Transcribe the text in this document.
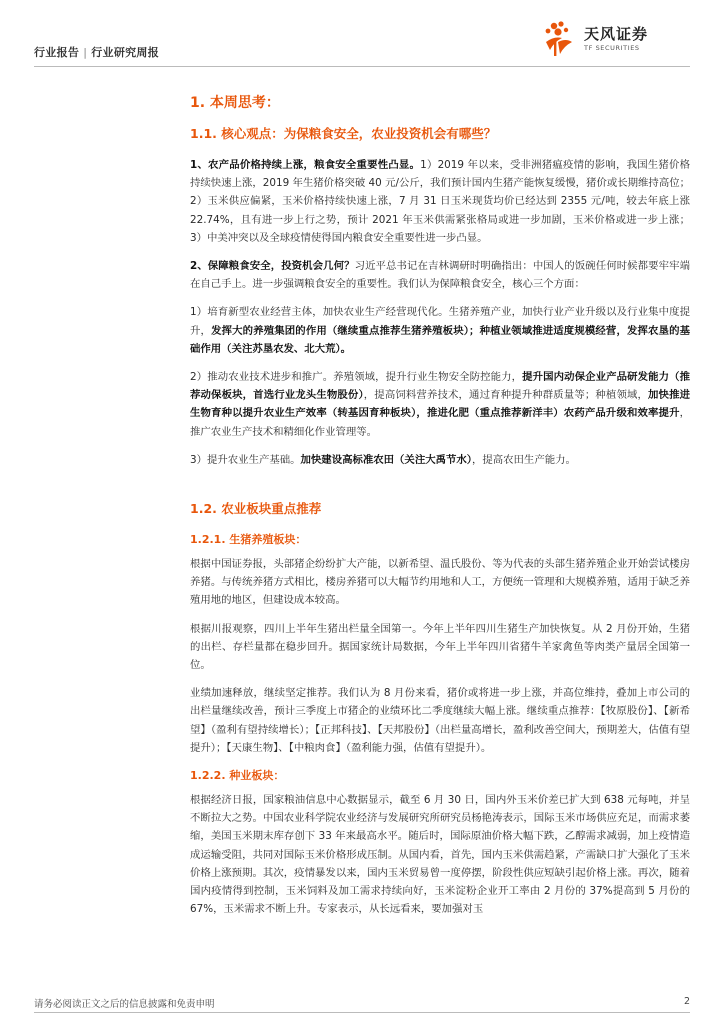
行业报告 | 行业研究周报
天风证券
TF SECURITIES
1. 本周思考：
1.1. 核心观点：为保粮食安全，农业投资机会有哪些？
1、农产品价格持续上涨，粮食安全重要性凸显。1）2019 年以来，受非洲猪瘟疫情的影响，我国生猪价格持续快速上涨，2019 年生猪价格突破 40 元/公斤，我们预计国内生猪产能恢复缓慢，猪价或长期维持高位；2）玉米供应偏紧，玉米价格持续快速上涨，7 月 31 日玉米现货均价已经达到 2355 元/吨，较去年底上涨 22.74%，且有进一步上行之势，预计 2021 年玉米供需紧张格局或进一步加剧，玉米价格或进一步上涨；3）中美冲突以及全球疫情使得国内粮食安全重要性进一步凸显。
2、保障粮食安全，投资机会几何？习近平总书记在吉林调研时明确指出：中国人的饭碗任何时候都要牢牢端在自己手上。进一步强调粮食安全的重要性。我们认为保障粮食安全，核心三个方面：
1）培育新型农业经营主体，加快农业生产经营现代化。生猪养殖产业，加快行业产业升级以及行业集中度提升，发挥大的养殖集团的作用（继续重点推荐生猪养殖板块）；种植业领域推进适度规模经营，发挥农垦的基础作用（关注苏垦农发、北大荒）。
2）推动农业技术进步和推广。养殖领域，提升行业生物安全防控能力，提升国内动保企业产品研发能力（推荐动保板块，首选行业龙头生物股份），提高饲料营养技术，通过育种提升种群质量等；种植领域，加快推进生物育种以提升农业生产效率（转基因育种板块），推进化肥（重点推荐新洋丰）农药产品升级和效率提升，推广农业生产技术和精细化作业管理等。
3）提升农业生产基础。加快建设高标准农田（关注大禹节水），提高农田生产能力。
1.2. 农业板块重点推荐
1.2.1. 生猪养殖板块：
根据中国证券报，头部猪企纷纷扩大产能，以新希望、温氏股份、等为代表的头部生猪养殖企业开始尝试楼房养猪。与传统养猪方式相比，楼房养猪可以大幅节约用地和人工，方便统一管理和大规模养殖，适用于缺乏养殖用地的地区，但建设成本较高。
根据川报观察，四川上半年生猪出栏量全国第一。今年上半年四川生猪生产加快恢复。从 2 月份开始，生猪的出栏、存栏量都在稳步回升。据国家统计局数据，今年上半年四川省猪牛羊家禽鱼等肉类产量居全国第一位。
业绩加速释放，继续坚定推荐。我们认为 8 月份来看，猪价或将进一步上涨，并高位维持，叠加上市公司的出栏量继续改善，预计三季度上市猪企的业绩环比二季度继续大幅上涨。继续重点推荐：【牧原股份】、【新希望】（盈利有望持续增长）；【正邦科技】、【天邦股份】（出栏量高增长，盈利改善空间大，预期差大，估值有望提升）；【天康生物】、【中粮肉食】（盈利能力强，估值有望提升）。
1.2.2. 种业板块：
根据经济日报，国家粮油信息中心数据显示，截至 6 月 30 日，国内外玉米价差已扩大到 638 元每吨，并呈不断拉大之势。中国农业科学院农业经济与发展研究所研究员杨艳涛表示，国际玉米市场供应充足，而需求萎缩，美国玉米期末库存创下 33 年来最高水平。随后时，国际原油价格大幅下跌，乙醇需求减弱，加上疫情造成运输受阻，共同对国际玉米价格形成压制。从国内看，首先，国内玉米供需趋紧，产需缺口扩大强化了玉米价格上涨预期。其次，疫情暴发以来，国内玉米贸易曾一度停摆，阶段性供应短缺引起价格上涨。再次，随着国内疫情得到控制，玉米饲料及加工需求持续向好，玉米淀粉企业开工率由 2 月份的 37%提高到 5 月份的 67%，玉米需求不断上升。专家表示，从长远看来，要加强对玉
请务必阅读正文之后的信息披露和免责申明	2
